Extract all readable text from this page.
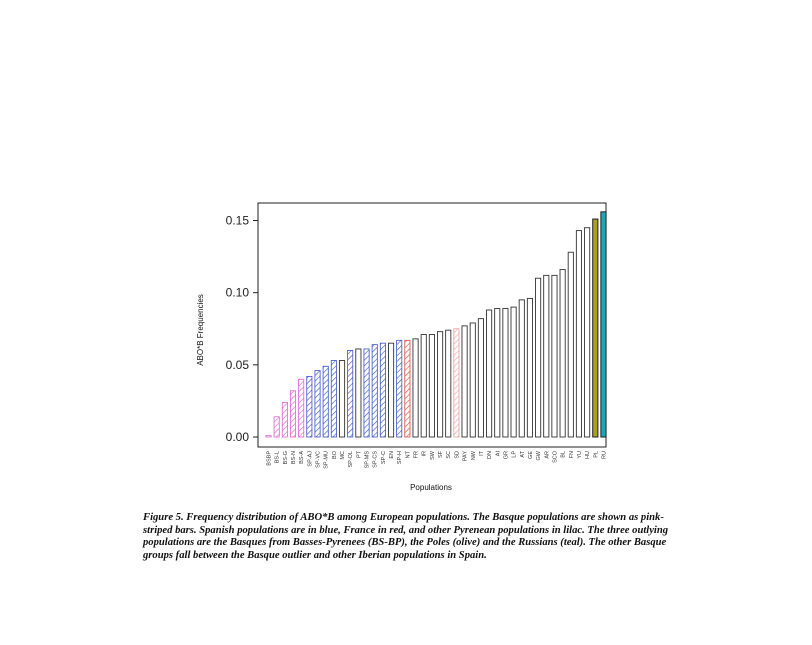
0.00
0.05
0.10
0.15
BSBP BS-L BS-G BS-N BS-A SP-AJ SP-VC SP-MU BO MC SP-OL PT SP-MS SP-CS SP-C EN SP-H NT FR IR SW SF SC SD PAY NW IT DN AI GR LP AT GE GW AR SCO BL FN YU HU PL RU
ABO*B Frequencies
Populations
Figure 5. Frequency distribution of ABO*B among European populations. The Basque populations are shown as pink-striped bars. Spanish populations are in blue, France in red, and other Pyrenean populations in lilac. The three outlying populations are the Basques from Basses-Pyrenees (BS-BP), the Poles (olive) and the Russians (teal). The other Basque groups fall between the Basque outlier and other Iberian populations in Spain.
